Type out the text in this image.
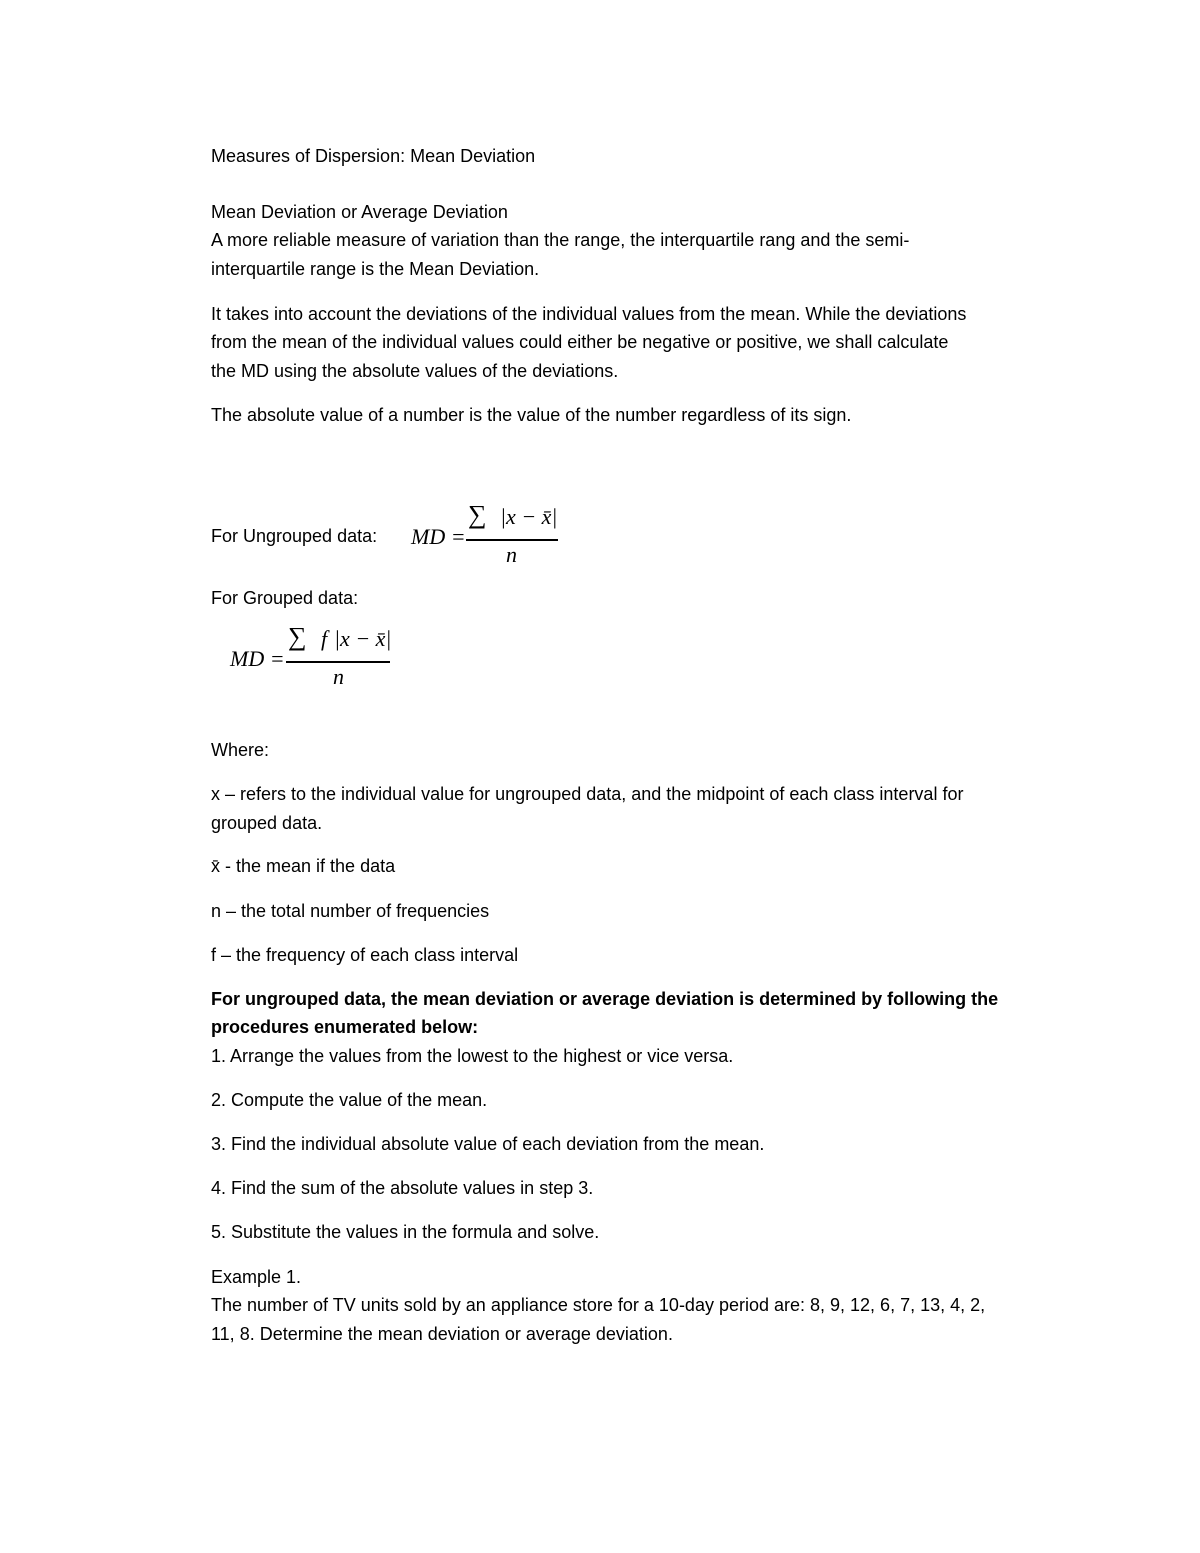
Measures of Dispersion: Mean Deviation

Mean Deviation or Average Deviation

A more reliable measure of variation than the range, the interquartile rang and the semi-

interquartile range is the Mean Deviation.

It takes into account the deviations of the individual values from the mean. While the deviations

from the mean of the individual values could either be negative or positive, we shall calculate

the MD using the absolute values of the deviations.

The absolute value of a number is the value of the number regardless of its sign.

For Ungrouped data: MD =
∑ |x − x̄|
n

For Grouped data:

MD =
∑ f |x − x̄|
n

Where:

x – refers to the individual value for ungrouped data, and the midpoint of each class interval for

grouped data.

x̄ - the mean if the data

n – the total number of frequencies

f – the frequency of each class interval

For ungrouped data, the mean deviation or average deviation is determined by following the

procedures enumerated below:

1. Arrange the values from the lowest to the highest or vice versa.

2. Compute the value of the mean.

3. Find the individual absolute value of each deviation from the mean.

4. Find the sum of the absolute values in step 3.

5. Substitute the values in the formula and solve.

Example 1.

The number of TV units sold by an appliance store for a 10-day period are: 8, 9, 12, 6, 7, 13, 4, 2,

11, 8. Determine the mean deviation or average deviation.
